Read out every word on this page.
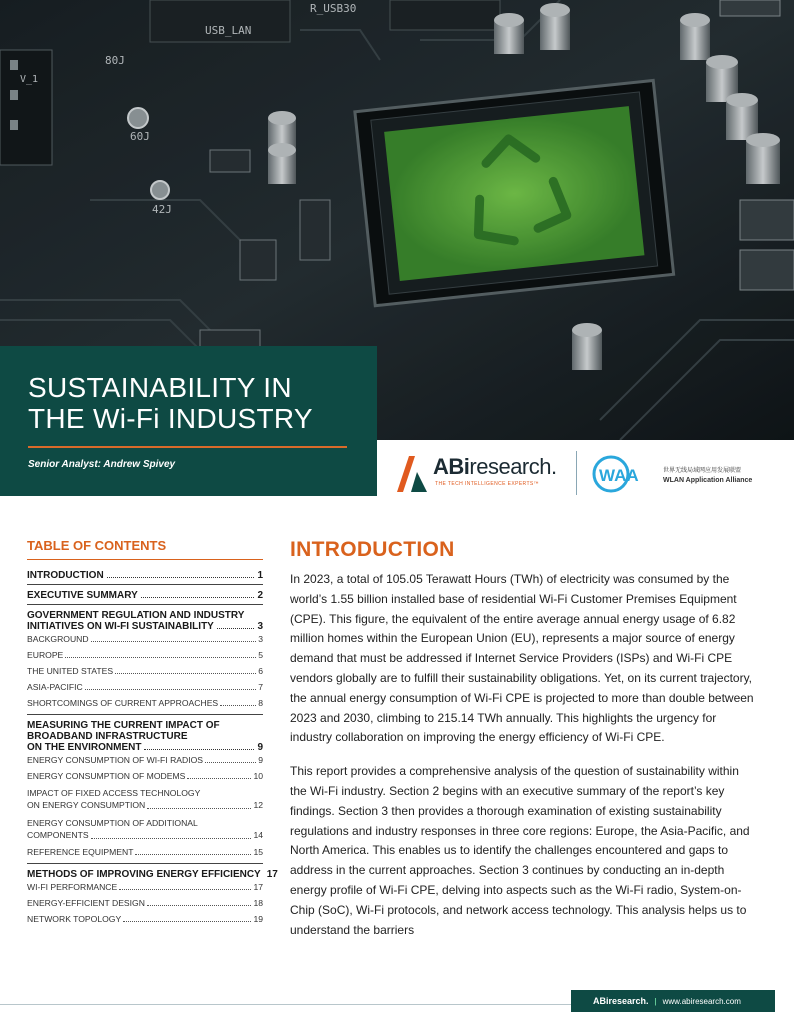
USB_LAN
R_USB30
80J
60J
42J
V_1
SUSTAINABILITY IN
THE Wi-Fi INDUSTRY
Senior Analyst: Andrew Spivey	ABiresearch.
THE TECH INTELLIGENCE EXPERTS™	WAA	世界无线局域网应用发展联盟
WLAN Application Alliance
TABLE OF CONTENTS
INTRODUCTION	1
EXECUTIVE SUMMARY	2
GOVERNMENT REGULATION AND INDUSTRY
INITIATIVES ON WI-FI SUSTAINABILITY	3
BACKGROUND	3
EUROPE	5
THE UNITED STATES	6
ASIA-PACIFIC	7
SHORTCOMINGS OF CURRENT APPROACHES	8
MEASURING THE CURRENT IMPACT OF
BROADBAND INFRASTRUCTURE
ON THE ENVIRONMENT	9
ENERGY CONSUMPTION OF WI-FI RADIOS	9
ENERGY CONSUMPTION OF MODEMS	10
IMPACT OF FIXED ACCESS TECHNOLOGY
ON ENERGY CONSUMPTION	12
ENERGY CONSUMPTION OF ADDITIONAL
COMPONENTS	14
REFERENCE EQUIPMENT	15
METHODS OF IMPROVING ENERGY EFFICIENCY 17
WI-FI PERFORMANCE	17
ENERGY-EFFICIENT DESIGN	18
NETWORK TOPOLOGY	19
INTRODUCTION

In 2023, a total of 105.05 Terawatt Hours (TWh) of electricity was consumed by the world’s 1.55 billion installed base of residential Wi-Fi Customer Premises Equipment (CPE). This figure, the equivalent of the entire average annual energy usage of 6.82 million homes within the European Union (EU), represents a major source of energy demand that must be addressed if Internet Service Providers (ISPs) and Wi-Fi CPE vendors globally are to fulfill their sustainability obligations. Yet, on its current trajectory, the annual energy consumption of Wi-Fi CPE is projected to more than double between 2023 and 2030, climbing to 215.14 TWh annually. This highlights the urgency for industry collaboration on improving the energy efficiency of Wi-Fi CPE.

This report provides a comprehensive analysis of the question of sustainability within the Wi-Fi industry. Section 2 begins with an executive summary of the report’s key findings. Section 3 then provides a thorough examination of existing sustainability regulations and industry responses in three core regions: Europe, the Asia-Pacific, and North America. This enables us to identify the challenges encountered and gaps to address in the current approaches. Section 3 continues by conducting an in-depth energy profile of Wi-Fi CPE, delving into aspects such as the Wi-Fi radio, System-on-Chip (SoC), Wi-Fi protocols, and network access technology. This analysis helps us to understand the barriers

ABiresearch. | www.abiresearch.com
